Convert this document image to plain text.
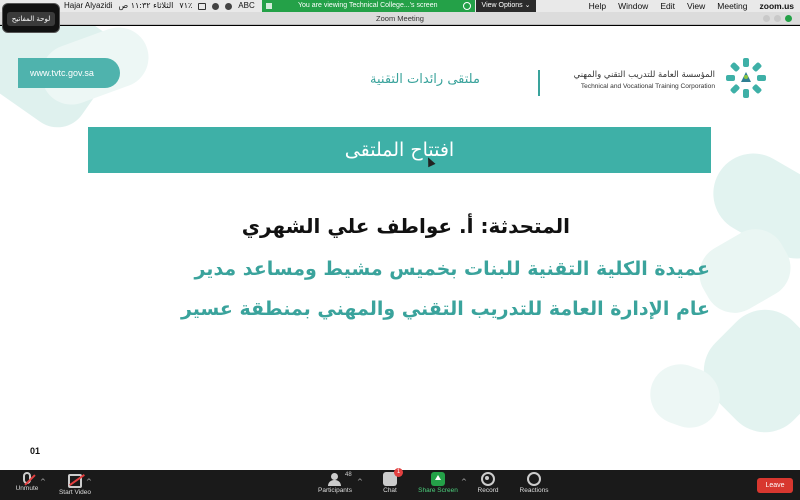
Hajar Alyazidi الثلاثاء ١١:٣٢ ص ٧١٪	ABC	Help Window Edit View Meeting zoom.us
You are viewing Technical College...'s screen	View Options ⌄
لوحة المفاتيح	Zoom Meeting
www.tvtc.gov.sa	ملتقى رائدات التقنية	المؤسسة العامة للتدريب التقني والمهني
Technical and Vocational Training Corporation
افتتاح الملتقى
المتحدثة: أ. عواطف علي الشهري
عميدة الكلية التقنية للبنات بخميس مشيط ومساعد مدير
عام الإدارة العامة للتدريب التقني والمهني بمنطقة عسير
01
Unmute
^
Start Video
^
48
Participants
^
1
Chat	Share Screen
^
Record	Reactions
Leave
